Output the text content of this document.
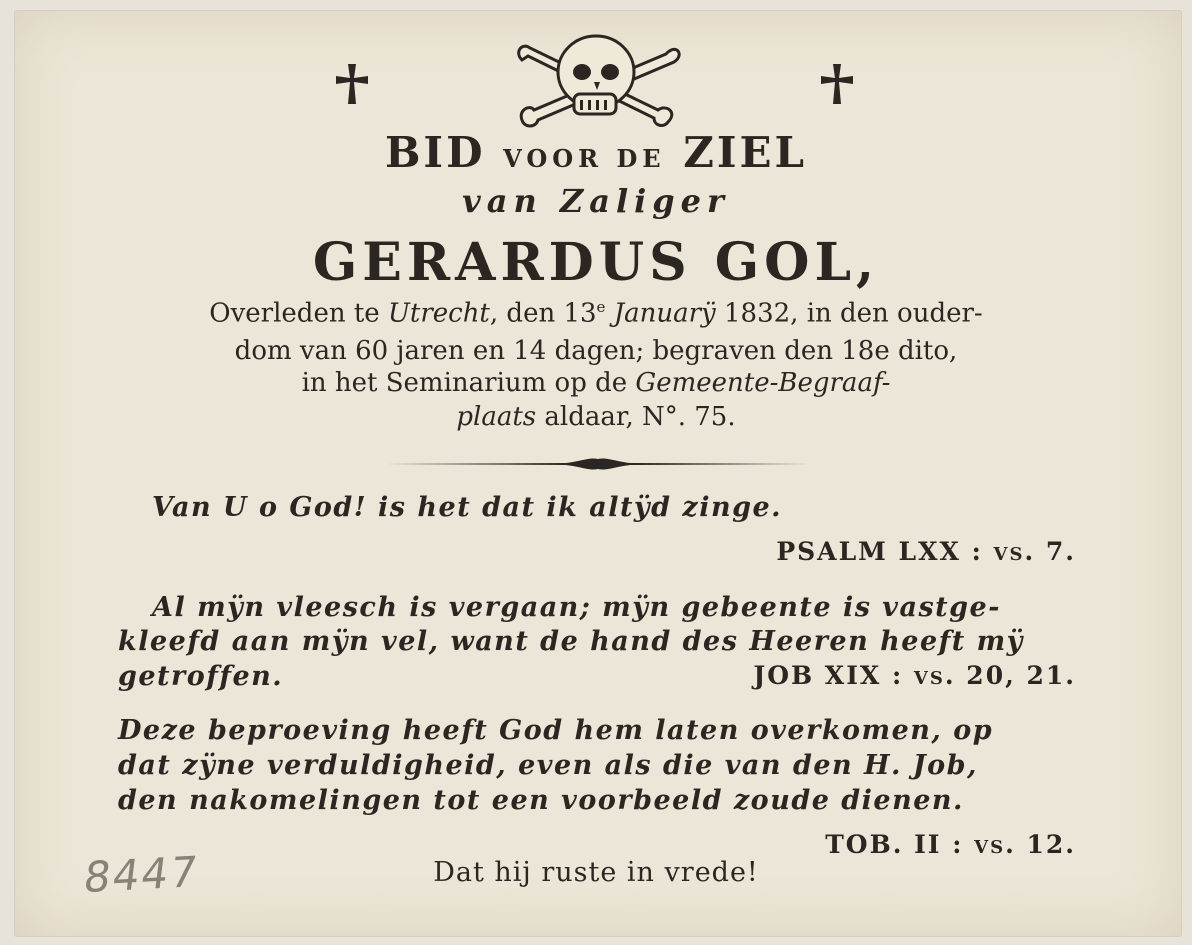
BID VOOR DE ZIEL
van Zaliger
GERARDUS GOL,
Overleden te Utrecht, den 13e Januarÿ 1832, in den ouder-
dom van 60 jaren en 14 dagen; begraven den 18e dito,
in het Seminarium op de Gemeente-Begraaf-
plaats aldaar, N°. 75.
Van U o God! is het dat ik altÿd zinge.
PSALM LXX : vs. 7.
Al mÿn vleesch is vergaan; mÿn gebeente is vastge-
kleefd aan mÿn vel, want de hand des Heeren heeft mÿ
getroffen.	JOB XIX : vs. 20, 21.
Deze beproeving heeft God hem laten overkomen, op
dat zÿne verduldigheid, even als die van den H. Job,
den nakomelingen tot een voorbeeld zoude dienen.
TOB. II : vs. 12.
Dat hij ruste in vrede!
8447
